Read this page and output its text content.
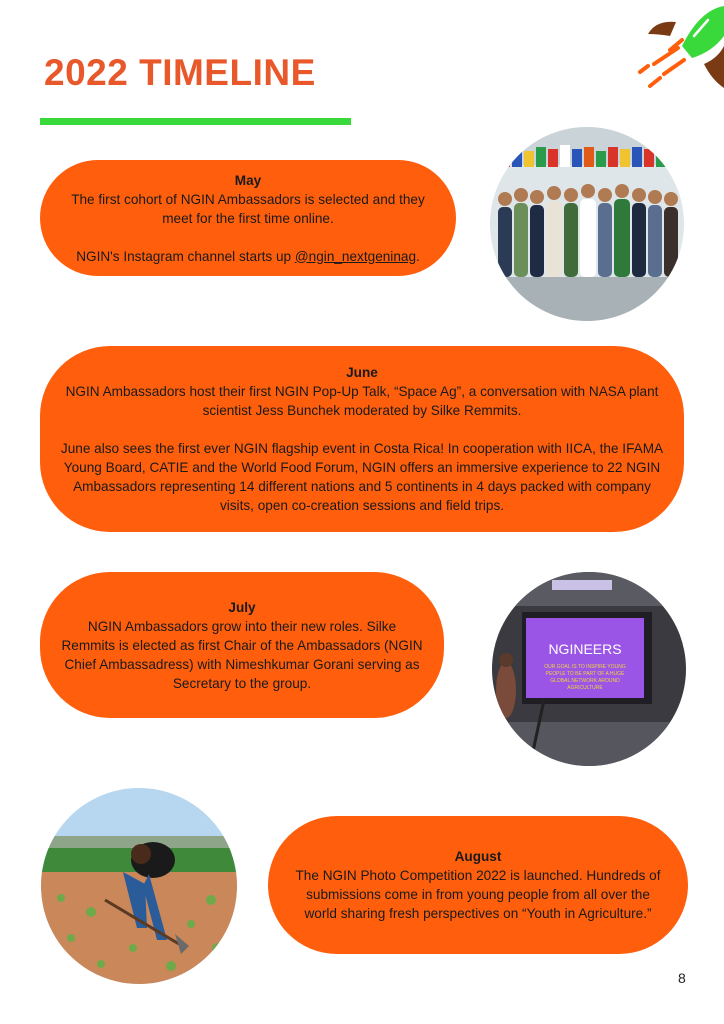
2022 TIMELINE

May

The first cohort of NGIN Ambassadors is selected and they meet for the first time online.

NGIN's Instagram channel starts up @ngin_nextgeninag.

June

NGIN Ambassadors host their first NGIN Pop-Up Talk, “Space Ag”, a conversation with NASA plant scientist Jess Bunchek moderated by Silke Remmits.

June also sees the first ever NGIN flagship event in Costa Rica! In cooperation with IICA, the IFAMA Young Board, CATIE and the World Food Forum, NGIN offers an immersive experience to 22 NGIN Ambassadors representing 14 different nations and 5 continents in 4 days packed with company visits, open co-creation sessions and field trips.

July

NGIN Ambassadors grow into their new roles. Silke Remmits is elected as first Chair of the Ambassadors (NGIN Chief Ambassadress) with Nimeshkumar Gorani serving as Secretary to the group.

NGINEERS
OUR GOAL IS TO INSPIRE YOUNG
PEOPLE TO BE PART OF A HUGE
GLOBAL NETWORK AROUND
AGRICULTURE

August

The NGIN Photo Competition 2022 is launched. Hundreds of submissions come in from young people from all over the world sharing fresh perspectives on “Youth in Agriculture.”

8
